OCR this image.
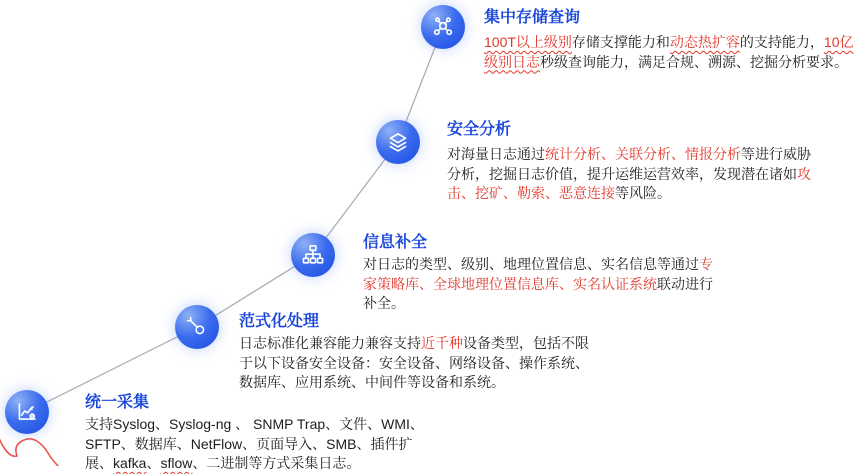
集中存储查询

100T以上级别存储支撑能力和动态热扩容的支持能力，10亿级别日志秒级查询能力，满足合规、溯源、挖掘分析要求。

安全分析

对海量日志通过统计分析、关联分析、情报分析等进行威胁分析，挖掘日志价值，提升运维运营效率，发现潜在诸如攻击、挖矿、勒索、恶意连接等风险。

信息补全

对日志的类型、级别、地理位置信息、实名信息等通过专家策略库、全球地理位置信息库、实名认证系统联动进行补全。

范式化处理

日志标准化兼容能力兼容支持近千种设备类型，包括不限于以下设备安全设备：安全设备、网络设备、操作系统、数据库、应用系统、中间件等设备和系统。

统一采集

支持Syslog、Syslog-ng 、 SNMP Trap、文件、WMI、SFTP、数据库、NetFlow、页面导入、SMB、插件扩展、kafka、sflow、二进制等方式采集日志。
